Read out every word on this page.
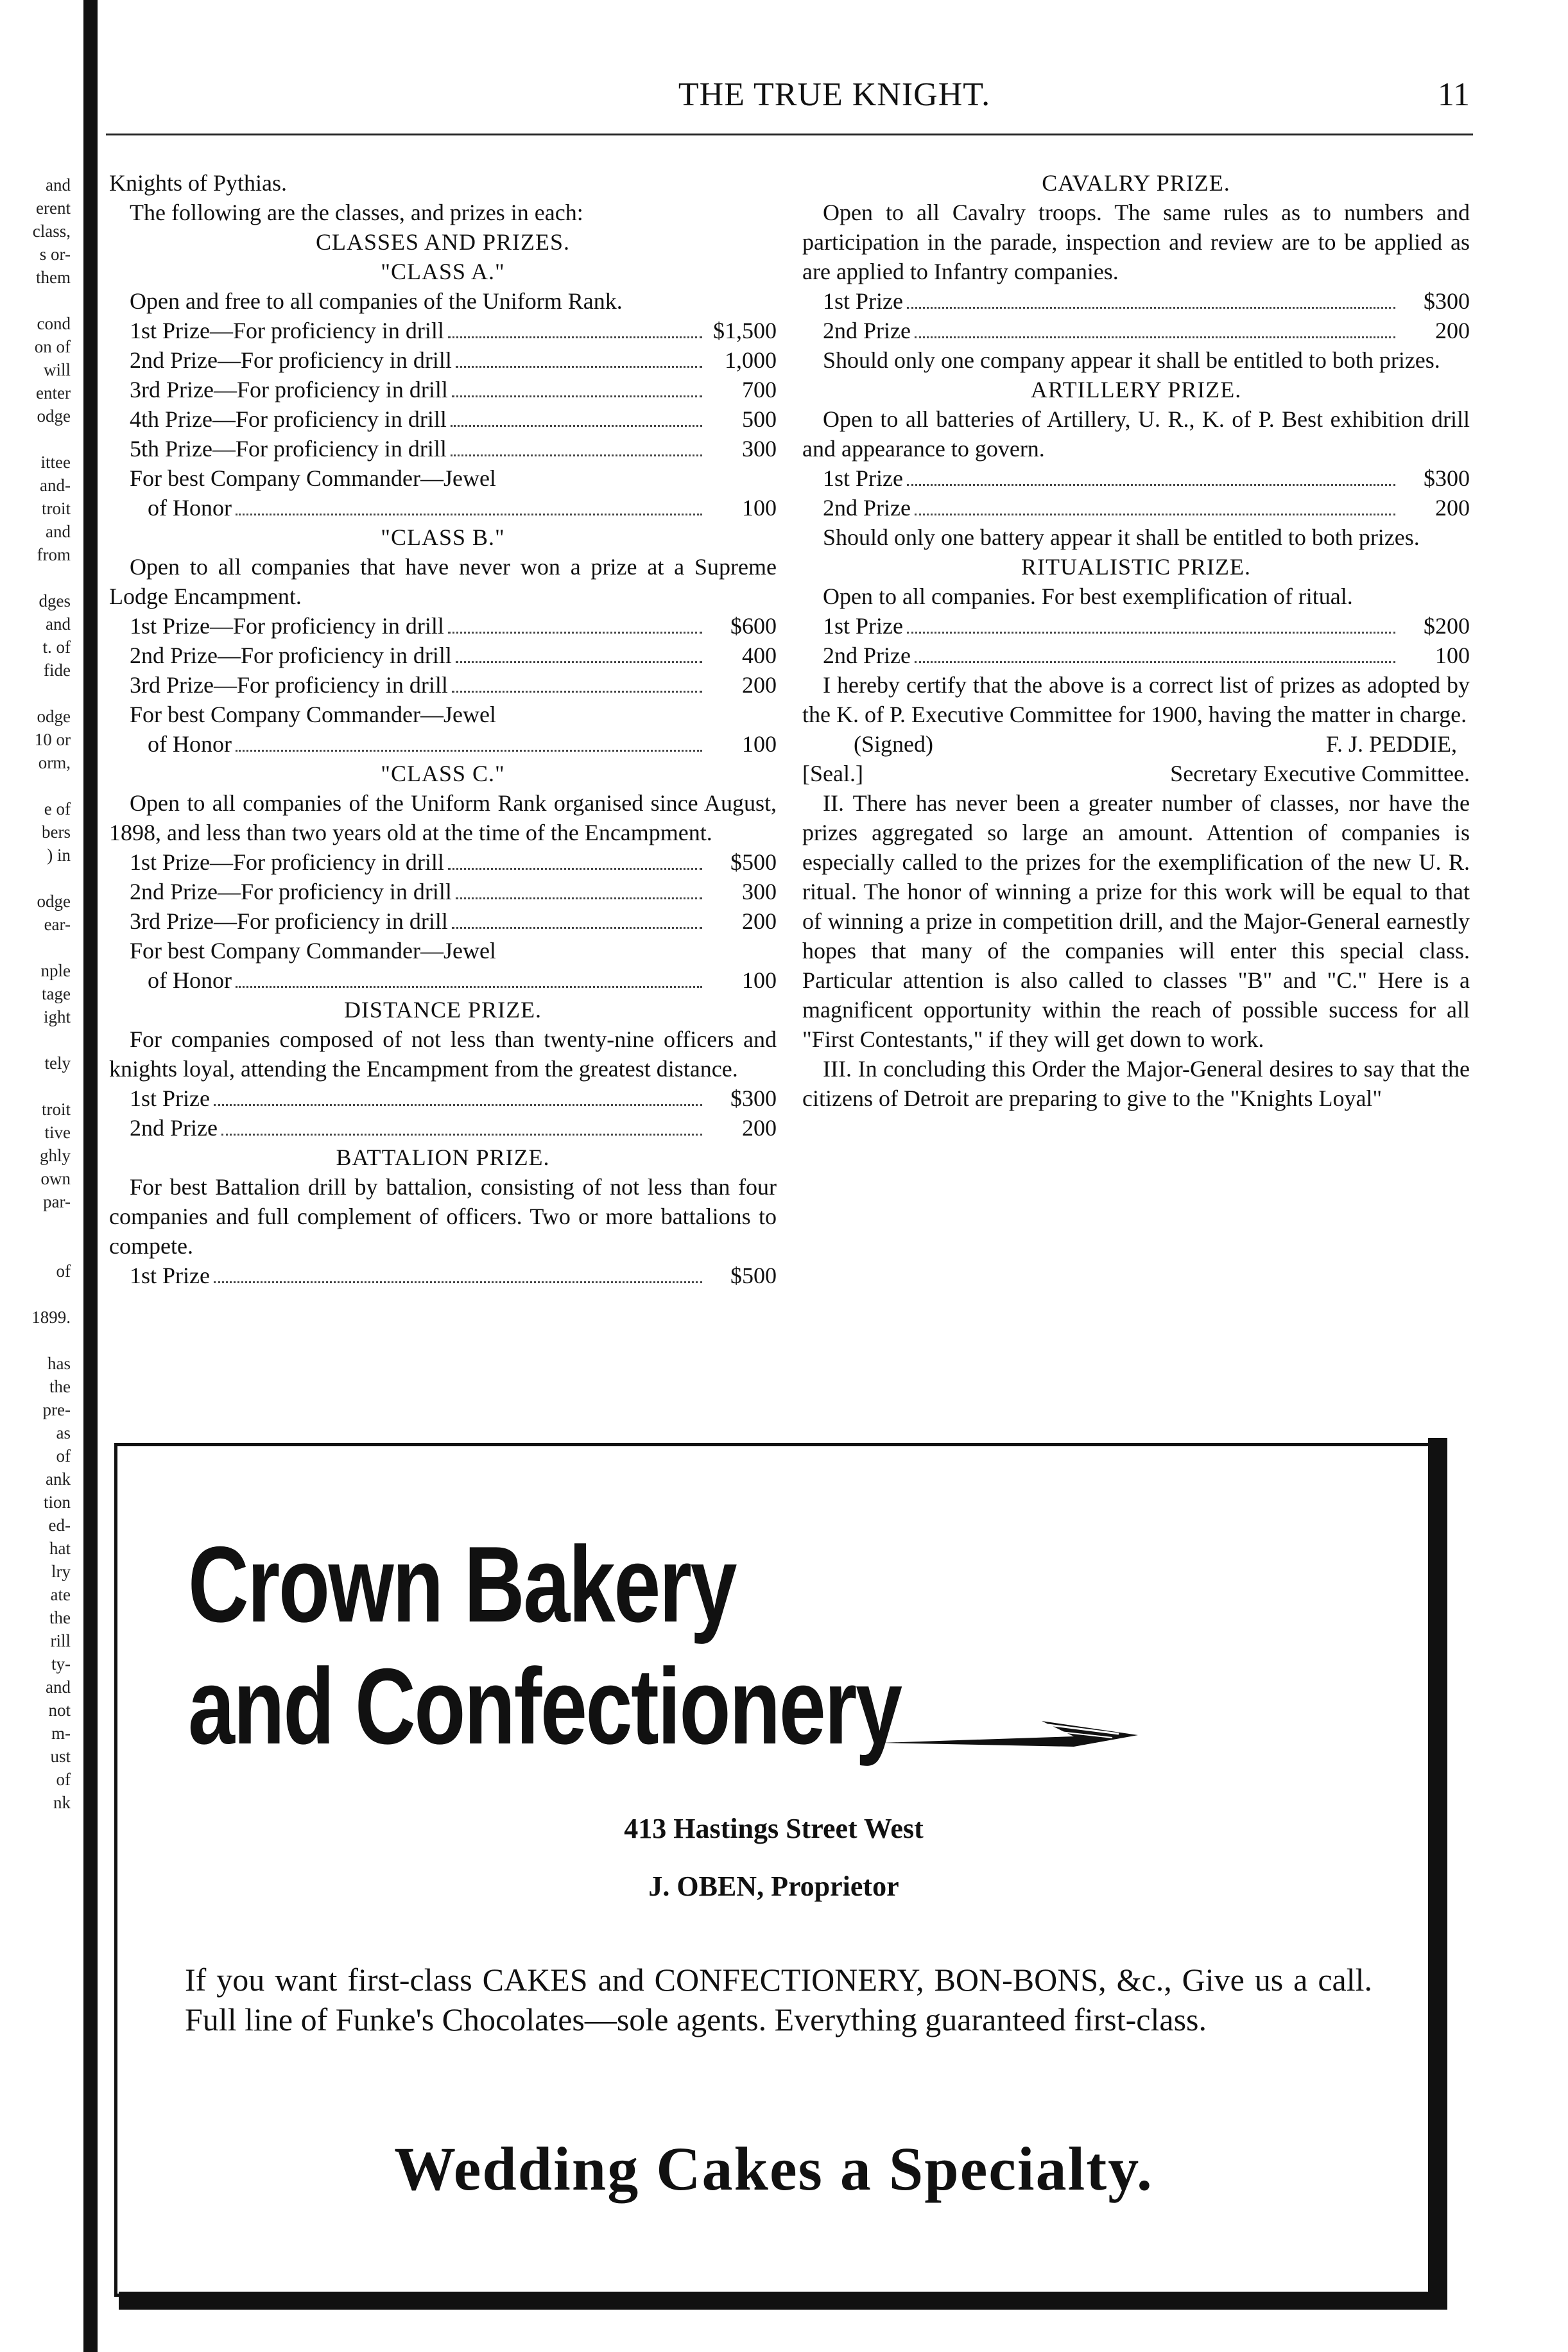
and
erent
class,
s or-
them
cond
on of
will
enter
odge
ittee
and-
troit
and
from
dges
and
t. of
fide
odge
10 or
orm,
e of
bers
) in
odge
ear-
nple
tage
ight
tely
troit
tive
ghly
own
par-
of
1899.
has
the
pre-
as
of
ank
tion
ed-
hat
lry
ate
the
rill
ty-
and
not
m-
ust
of
nk
THE TRUE KNIGHT.	11

Knights of Pythias.

The following are the classes, and prizes in each:

CLASSES AND PRIZES.

"CLASS A."

Open and free to all companies of the Uniform Rank.

1st Prize—For proficiency in drill	$1,500
2nd Prize—For proficiency in drill	1,000
3rd Prize—For proficiency in drill	700
4th Prize—For proficiency in drill	500
5th Prize—For proficiency in drill	300

For best Company Commander—Jewel

of Honor	100

"CLASS B."

Open to all companies that have never won a prize at a Supreme Lodge Encampment.

1st Prize—For proficiency in drill	$600
2nd Prize—For proficiency in drill	400
3rd Prize—For proficiency in drill	200

For best Company Commander—Jewel

of Honor	100

"CLASS C."

Open to all companies of the Uniform Rank organised since August, 1898, and less than two years old at the time of the Encampment.

1st Prize—For proficiency in drill	$500
2nd Prize—For proficiency in drill	300
3rd Prize—For proficiency in drill	200

For best Company Commander—Jewel

of Honor	100

DISTANCE PRIZE.

For companies composed of not less than twenty-nine officers and knights loyal, attending the Encampment from the greatest distance.

1st Prize	$300
2nd Prize	200

BATTALION PRIZE.

For best Battalion drill by battalion, consisting of not less than four companies and full complement of officers. Two or more battalions to compete.

1st Prize	$500

CAVALRY PRIZE.

Open to all Cavalry troops. The same rules as to numbers and participation in the parade, inspection and review are to be applied as are applied to Infantry companies.

1st Prize	$300
2nd Prize	200

Should only one company appear it shall be entitled to both prizes.

ARTILLERY PRIZE.

Open to all batteries of Artillery, U. R., K. of P. Best exhibition drill and appearance to govern.

1st Prize	$300
2nd Prize	200

Should only one battery appear it shall be entitled to both prizes.

RITUALISTIC PRIZE.

Open to all companies. For best exemplification of ritual.

1st Prize	$200
2nd Prize	100

I hereby certify that the above is a correct list of prizes as adopted by the K. of P. Executive Committee for 1900, having the matter in charge.

(Signed)	F. J. PEDDIE,
[Seal.]	Secretary Executive Committee.

II. There has never been a greater number of classes, nor have the prizes aggregated so large an amount. Attention of companies is especially called to the prizes for the exemplification of the new U. R. ritual. The honor of winning a prize for this work will be equal to that of winning a prize in competition drill, and the Major-General earnestly hopes that many of the companies will enter this special class. Particular attention is also called to classes "B" and "C." Here is a magnificent opportunity within the reach of possible success for all "First Contestants," if they will get down to work.

III. In concluding this Order the Major-General desires to say that the citizens of Detroit are preparing to give to the "Knights Loyal"

Crown Bakery
and Confectionery
413 Hastings Street West
J. OBEN, Proprietor
If you want first-class CAKES and CONFECTIONERY, BON-BONS, &c., Give us a call. Full line of Funke's Chocolates—sole agents. Everything guaranteed first-class.
Wedding Cakes a Specialty.
